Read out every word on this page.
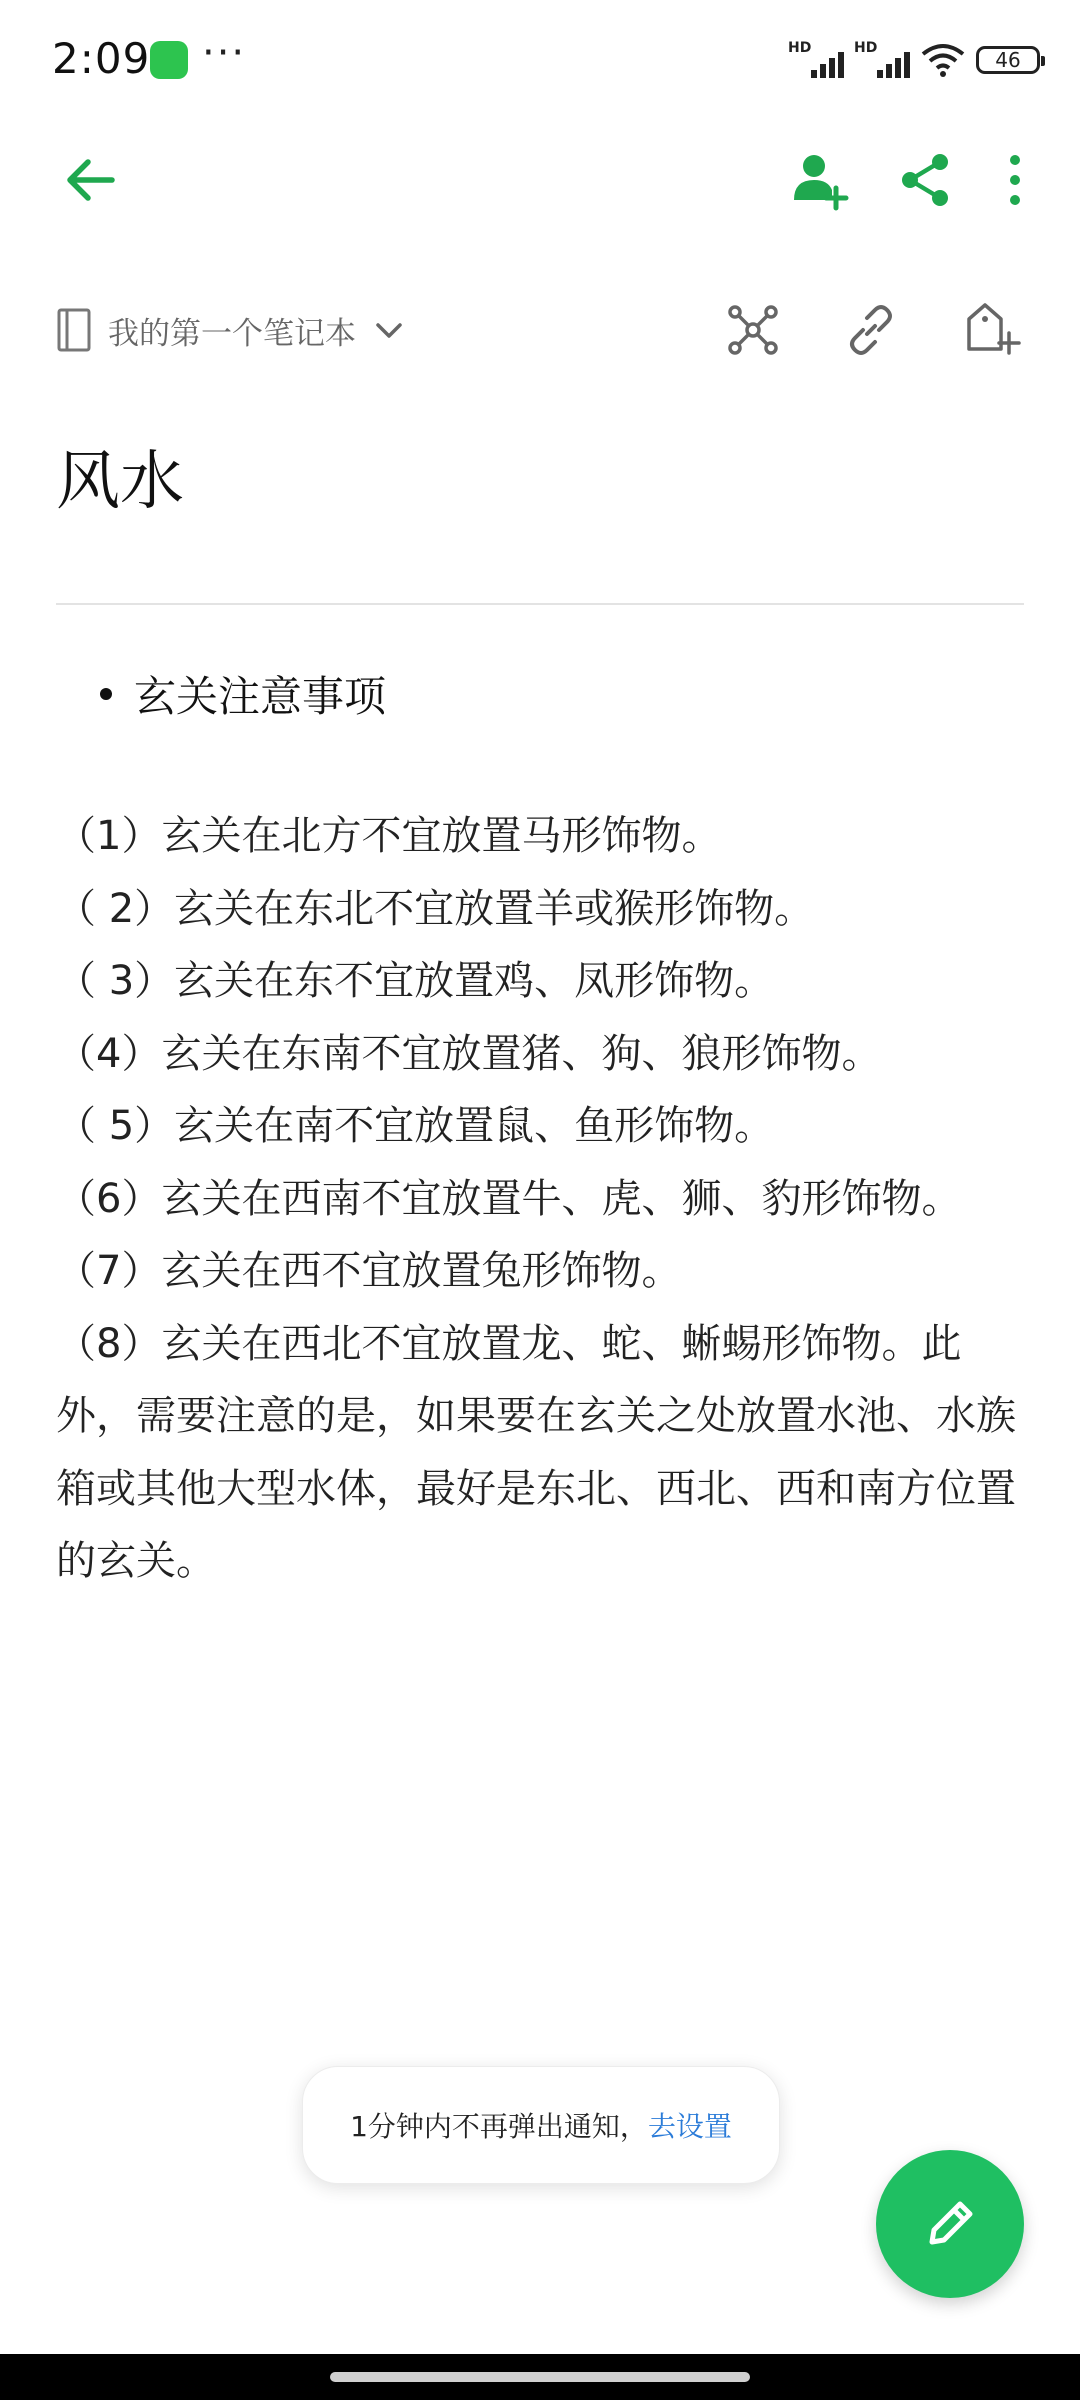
2:09 ···	HD	HD	46
我的第一个笔记本
风水
玄关注意事项

（1）玄关在北方不宜放置马形饰物。

（ 2）玄关在东北不宜放置羊或猴形饰物。

（ 3）玄关在东不宜放置鸡、凤形饰物。

（4）玄关在东南不宜放置猪、狗、狼形饰物。

（ 5）玄关在南不宜放置鼠、鱼形饰物。

（6）玄关在西南不宜放置牛、虎、狮、豹形饰物。

（7）玄关在西不宜放置兔形饰物。

（8）玄关在西北不宜放置龙、蛇、蜥蜴形饰物。此外，需要注意的是，如果要在玄关之处放置水池、水族箱或其他大型水体，最好是东北、西北、西和南方位置的玄关。

1分钟内不再弹出通知， 去设置
